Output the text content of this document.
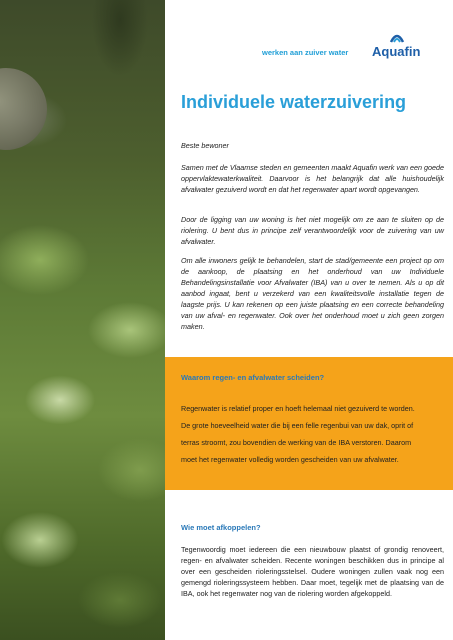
werken aan zuiver water Aquafin
Individuele waterzuivering
Beste bewoner
Samen met de Vlaamse steden en gemeenten maakt Aquafin werk van een goede oppervlaktewaterkwaliteit. Daarvoor is het belangrijk dat alle huishoudelijk afvalwater gezuiverd wordt en dat het regenwater apart wordt opgevangen.
Door de ligging van uw woning is het niet mogelijk om ze aan te sluiten op de riolering. U bent dus in principe zelf verantwoordelijk voor de zuivering van uw afvalwater.
Om alle inwoners gelijk te behandelen, start de stad/gemeente een project op om de aankoop, de plaatsing en het onderhoud van uw Individuele Behandelingsinstallatie voor Afvalwater (IBA) van u over te nemen. Als u op dit aanbod ingaat, bent u verzekerd van een kwaliteitsvolle installatie tegen de laagste prijs. U kan rekenen op een juiste plaatsing en een correcte behandeling van uw afval- en regenwater. Ook over het onderhoud moet u zich geen zorgen maken.
Waarom regen- en afvalwater scheiden?
Regenwater is relatief proper en hoeft helemaal niet gezuiverd te worden.
De grote hoeveelheid water die bij een felle regenbui van uw dak, oprit of
terras stroomt, zou bovendien de werking van de IBA verstoren. Daarom
moet het regenwater volledig worden gescheiden van uw afvalwater.
Wie moet afkoppelen?
Tegenwoordig moet iedereen die een nieuwbouw plaatst of grondig renoveert, regen- en afvalwater scheiden. Recente woningen beschikken dus in principe al over een gescheiden rioleringsstelsel. Oudere woningen zullen vaak nog een gemengd rioleringssysteem hebben. Daar moet, tegelijk met de plaatsing van de IBA, ook het regenwater nog van de riolering worden afgekoppeld.
